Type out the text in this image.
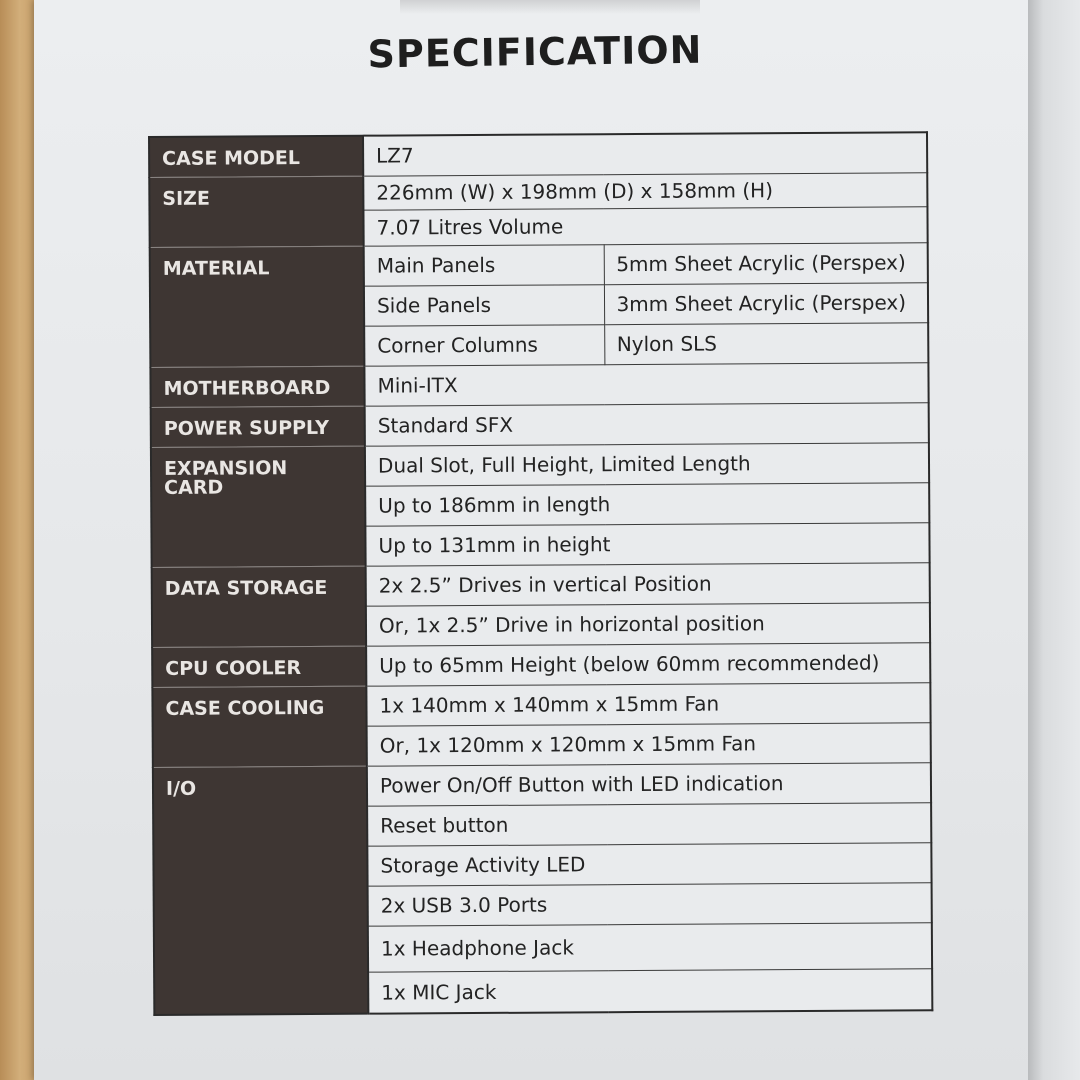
SPECIFICATION
CASE MODEL	LZ7	
SIZE	226mm (W) x 198mm (D) x 158mm (H)	
	7.07 Litres Volume	
MATERIAL	Main Panels	5mm Sheet Acrylic (Perspex)
	Side Panels	3mm Sheet Acrylic (Perspex)
	Corner Columns	Nylon SLS
MOTHERBOARD	Mini-ITX	
POWER SUPPLY	Standard SFX	
EXPANSION CARD	Dual Slot, Full Height, Limited Length	
	Up to 186mm in length	
	Up to 131mm in height	
DATA STORAGE	2x 2.5” Drives in vertical Position	
	Or, 1x 2.5” Drive in horizontal position	
CPU COOLER	Up to 65mm Height (below 60mm recommended)	
CASE COOLING	1x 140mm x 140mm x 15mm Fan	
	Or, 1x 120mm x 120mm x 15mm Fan	
I/O	Power On/Off Button with LED indication	
	Reset button	
	Storage Activity LED	
	2x USB 3.0 Ports	
	1x Headphone Jack	
	1x MIC Jack	
